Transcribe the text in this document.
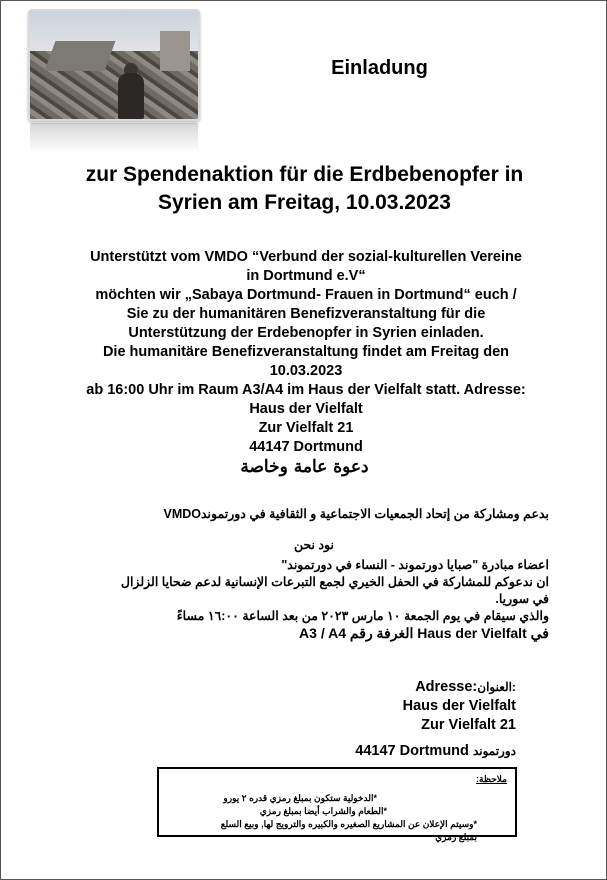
Einladung
zur Spendenaktion für die Erdbebenopfer in
Syrien am Freitag, 10.03.2023
Unterstützt vom VMDO “Verbund der sozial-kulturellen Vereine
in Dortmund e.V“
möchten wir „Sabaya Dortmund- Frauen in Dortmund“ euch /
Sie zu der humanitären Benefizveranstaltung für die
Unterstützung der Erdebenopfer in Syrien einladen.
Die humanitäre Benefizveranstaltung findet am Freitag den
10.03.2023
ab 16:00 Uhr im Raum A3/A4 im Haus der Vielfalt statt. Adresse:
Haus der Vielfalt
Zur Vielfalt 21
44147 Dortmund
دعوة عامة وخاصة
بدعم ومشاركة من إتحاد الجمعيات الاجتماعية و الثقافية في دورتموندVMDO
نود نحن
اعضاء مبادرة "صبايا دورتموند - النساء في دورتموند"
ان ندعوكم للمشاركة في الحفل الخيري لجمع التبرعات الإنسانية لدعم ضحايا الزلزال
في سوريا.
والذي سيقام في يوم الجمعة ١٠ مارس ٢٠٢٣ من بعد الساعة ١٦:٠٠ مساءً
في Haus der Vielfalt الغرفة رقم A3 / A4
Adresse:العنوان:
Haus der Vielfalt
Zur Vielfalt 21
44147 Dortmund دورتموند
ملاحظة:
*الدخولية ستكون بمبلغ رمزي قدره ٢ يورو
*الطعام والشراب أيضا بمبلغ رمزي
*وسيتم الإعلان عن المشاريع الصغيره والكبيره والترويج لها, وبيع السلع بمبلغ رمزي
